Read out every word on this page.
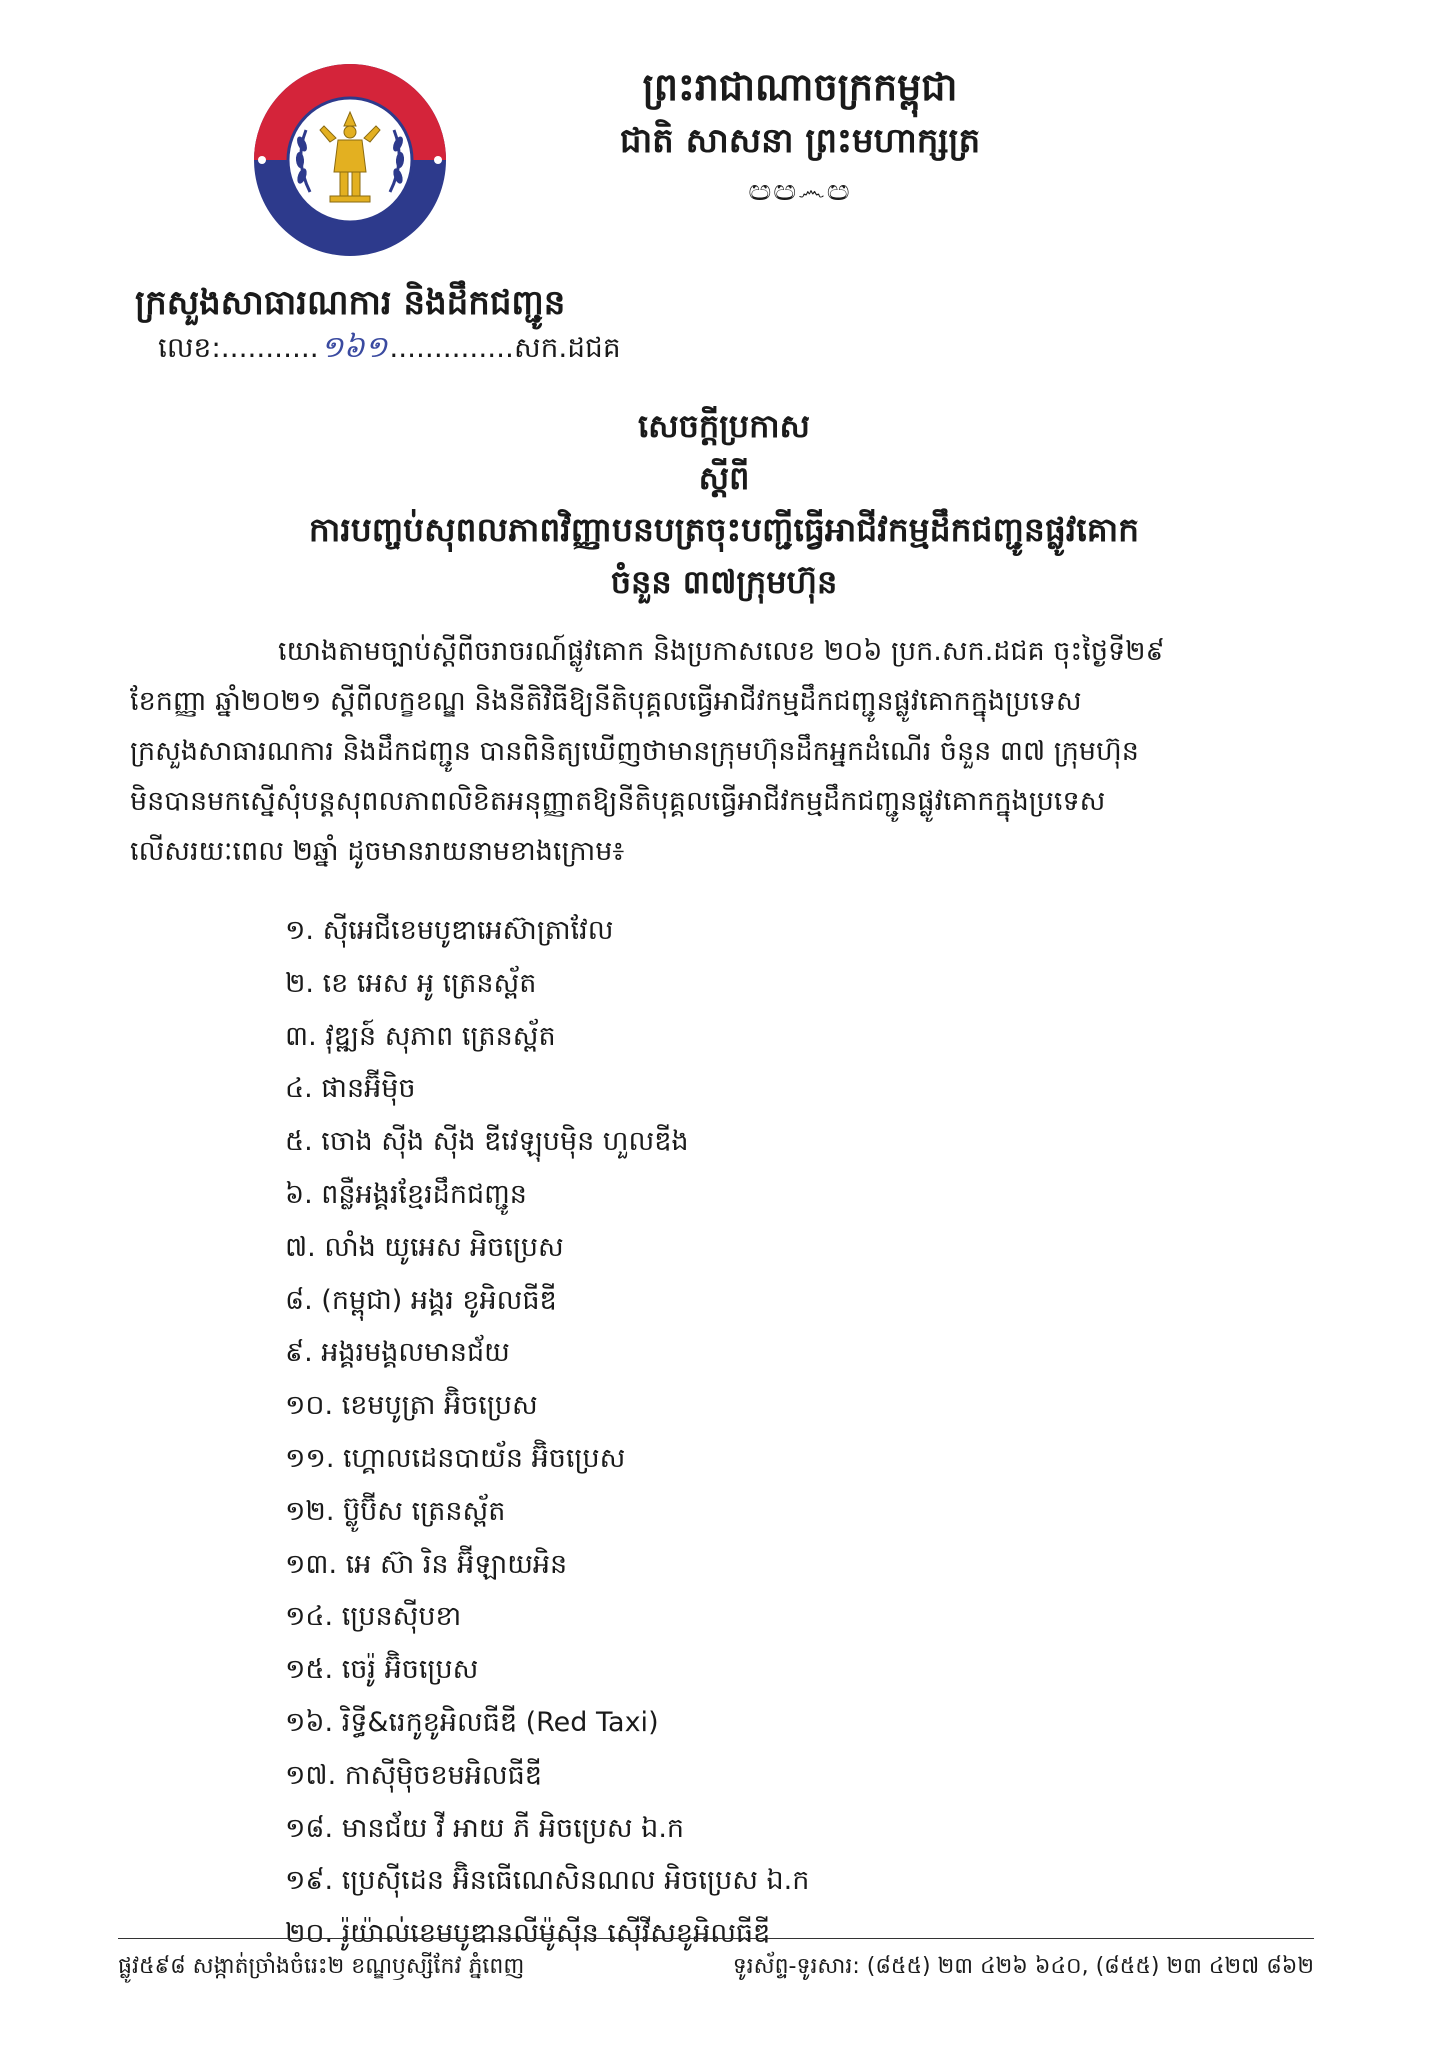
ព្រះរាជាណាចក្រកម្ពុជា
ជាតិ សាសនា ព្រះមហាក្សត្រ
ඏඏ෴ඏ
ក្រសួងសាធារណការ និងដឹកជញ្ជូន
លេខ:...........១៦១..............សក.ដជគ
សេចក្តីប្រកាស
ស្តីពី
ការបញ្ចប់សុពលភាពវិញ្ញាបនបត្រចុះបញ្ជីធ្វើអាជីវកម្មដឹកជញ្ជូនផ្លូវគោក
ចំនួន ៣៧ក្រុមហ៊ុន
យោងតាមច្បាប់ស្តីពីចរាចរណ៍ផ្លូវគោក និងប្រកាសលេខ ២០៦ ប្រក.សក.ដជគ ចុះថ្ងៃទី២៩
ខែកញ្ញា ឆ្នាំ២០២១ ស្តីពីលក្ខខណ្ឌ និងនីតិវិធីឱ្យនីតិបុគ្គលធ្វើអាជីវកម្មដឹកជញ្ជូនផ្លូវគោកក្នុងប្រទេស
ក្រសួងសាធារណការ និងដឹកជញ្ជូន បានពិនិត្យឃើញថាមានក្រុមហ៊ុនដឹកអ្នកដំណើរ ចំនួន ៣៧ ក្រុមហ៊ុន
មិនបានមកស្នើសុំបន្តសុពលភាពលិខិតអនុញ្ញាតឱ្យនីតិបុគ្គលធ្វើអាជីវកម្មដឹកជញ្ជូនផ្លូវគោកក្នុងប្រទេស
លើសរយៈពេល ២ឆ្នាំ ដូចមានរាយនាមខាងក្រោម៖
១. ស៊ីអេជីខេមបូឌាអេស៊ាត្រាវែល
២. ខេ អេស អូ ត្រេនស្ព័ត
៣. វុឌ្ឍន៍ សុភាព ត្រេនស្ព័ត
៤. ផានអ៊ីម៉ិច
៥. ចេាង ស៊ីង ស៊ីង ឌីវេឡុបម៉ិន ហួលឌីង
៦. ពន្លឺអង្គរខ្មែរដឹកជញ្ជូន
៧. លាំង យូអេស អិចប្រេស
៨. (កម្ពុជា) អង្គរ ខូអិលធីឌី
៩. អង្គរមង្គលមានជ័យ
១០. ខេមបូត្រា អ៊ិចប្រេស
១១. ហ្គោលដេនបាយ័ន អ៊ិចប្រេស
១២. ប៊្លូប៊ីស ត្រេនស្ព័ត
១៣. អេ ស៊ា រិន អ៊ីឡាយអិន
១៤. ប្រេនស៊ីបខា
១៥. ចេរ៉ូ អ៊ិចប្រេស
១៦. រិទ្ធី&រេកូខូអិលធីឌី (Red Taxi)
១៧. កាស៊ីម៉ិចខមអិលធីឌី
១៨. មានជ័យ វី អាយ ភី អិចប្រេស ឯ.ក
១៩. ប្រេស៊ីដេន អ៊ិនធើណេសិនណល អិចប្រេស ឯ.ក
២០. រ៉ូយ៉ាល់ខេមបូឌានលីម៉ូស៊ីន ស៊ើវីសខូអិលធីឌី
ផ្លូវ៥៩៨ សង្កាត់ច្រាំងចំរេះ២ ខណ្ឌឫស្សីកែវ ភ្នំពេញ	ទូរស័ព្ទ-ទូរសារ: (៨៥៥) ២៣ ៤២៦ ៦៤០, (៨៥៥) ២៣ ៤២៧ ៨៦២
